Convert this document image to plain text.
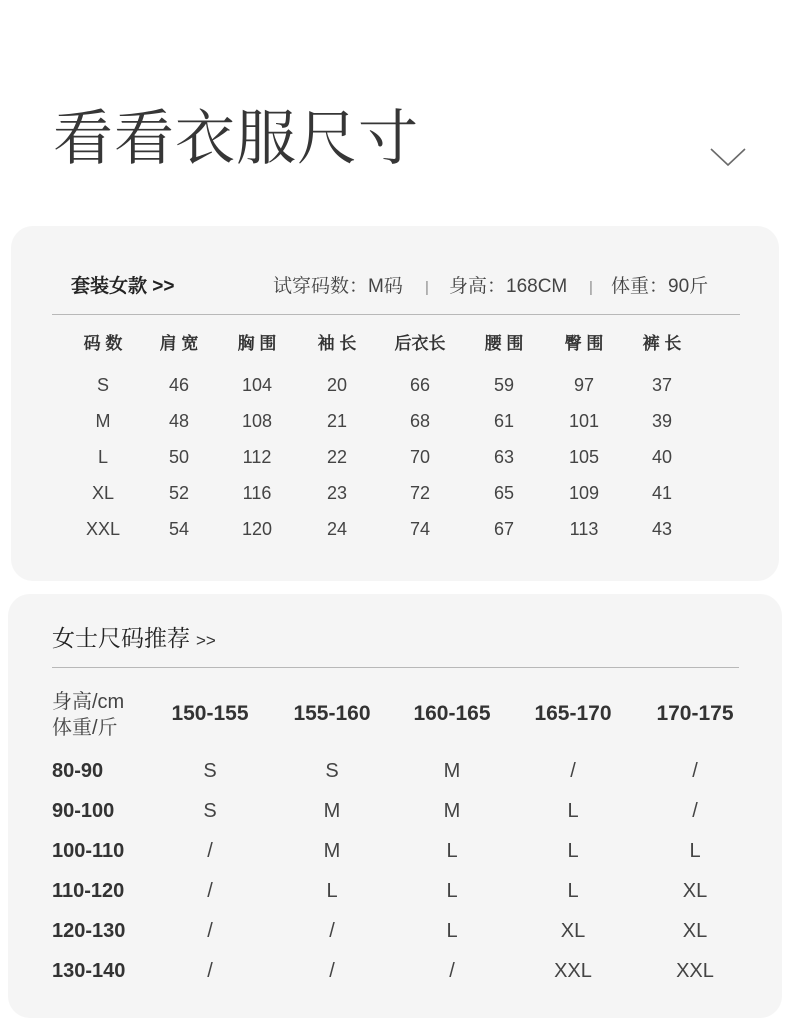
看看衣服尺寸
套装女款 >>	试穿码数：M码 | 身高：168CM | 体重：90斤
码 数	肩 宽	胸 围	袖 长	后衣长	腰 围	臀 围	裤 长
S	46	104	20	66	59	97	37
M	48	108	21	68	61	101	39
L	50	112	22	70	63	105	40
XL	52	116	23	72	65	109	41
XXL	54	120	24	74	67	113	43
女士尺码推荐 >>
身高/cm
体重/斤
150-155	155-160	160-165	165-170	170-175
80-90	S	S	M	/	/
90-100	S	M	M	L	/
100-110	/	M	L	L	L
110-120	/	L	L	L	XL
120-130	/	/	L	XL	XL
130-140	/	/	/	XXL	XXL
